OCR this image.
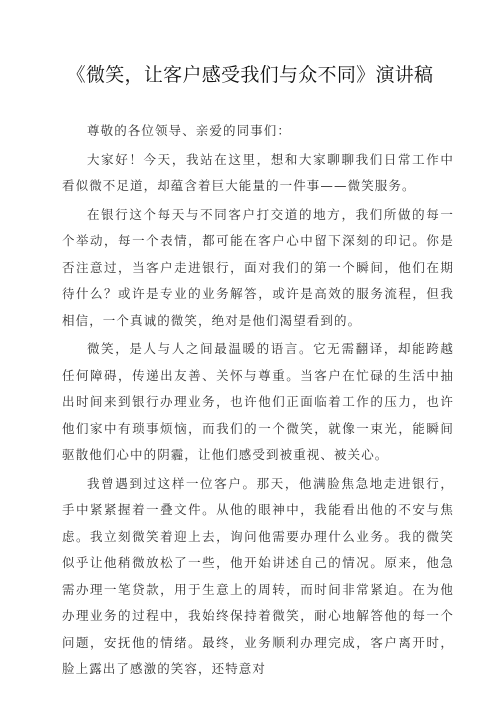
《微笑，让客户感受我们与众不同》演讲稿

尊敬的各位领导、亲爱的同事们：

大家好！今天，我站在这里，想和大家聊聊我们日常工作中看似微不足道，却蕴含着巨大能量的一件事——微笑服务。

在银行这个每天与不同客户打交道的地方，我们所做的每一个举动，每一个表情，都可能在客户心中留下深刻的印记。你是否注意过，当客户走进银行，面对我们的第一个瞬间，他们在期待什么？或许是专业的业务解答，或许是高效的服务流程，但我相信，一个真诚的微笑，绝对是他们渴望看到的。

微笑，是人与人之间最温暖的语言。它无需翻译，却能跨越任何障碍，传递出友善、关怀与尊重。当客户在忙碌的生活中抽出时间来到银行办理业务，也许他们正面临着工作的压力，也许他们家中有琐事烦恼，而我们的一个微笑，就像一束光，能瞬间驱散他们心中的阴霾，让他们感受到被重视、被关心。

我曾遇到过这样一位客户。那天，他满脸焦急地走进银行，手中紧紧握着一叠文件。从他的眼神中，我能看出他的不安与焦虑。我立刻微笑着迎上去，询问他需要办理什么业务。我的微笑似乎让他稍微放松了一些，他开始讲述自己的情况。原来，他急需办理一笔贷款，用于生意上的周转，而时间非常紧迫。在为他办理业务的过程中，我始终保持着微笑，耐心地解答他的每一个问题，安抚他的情绪。最终，业务顺利办理完成，客户离开时，脸上露出了感激的笑容，还特意对
